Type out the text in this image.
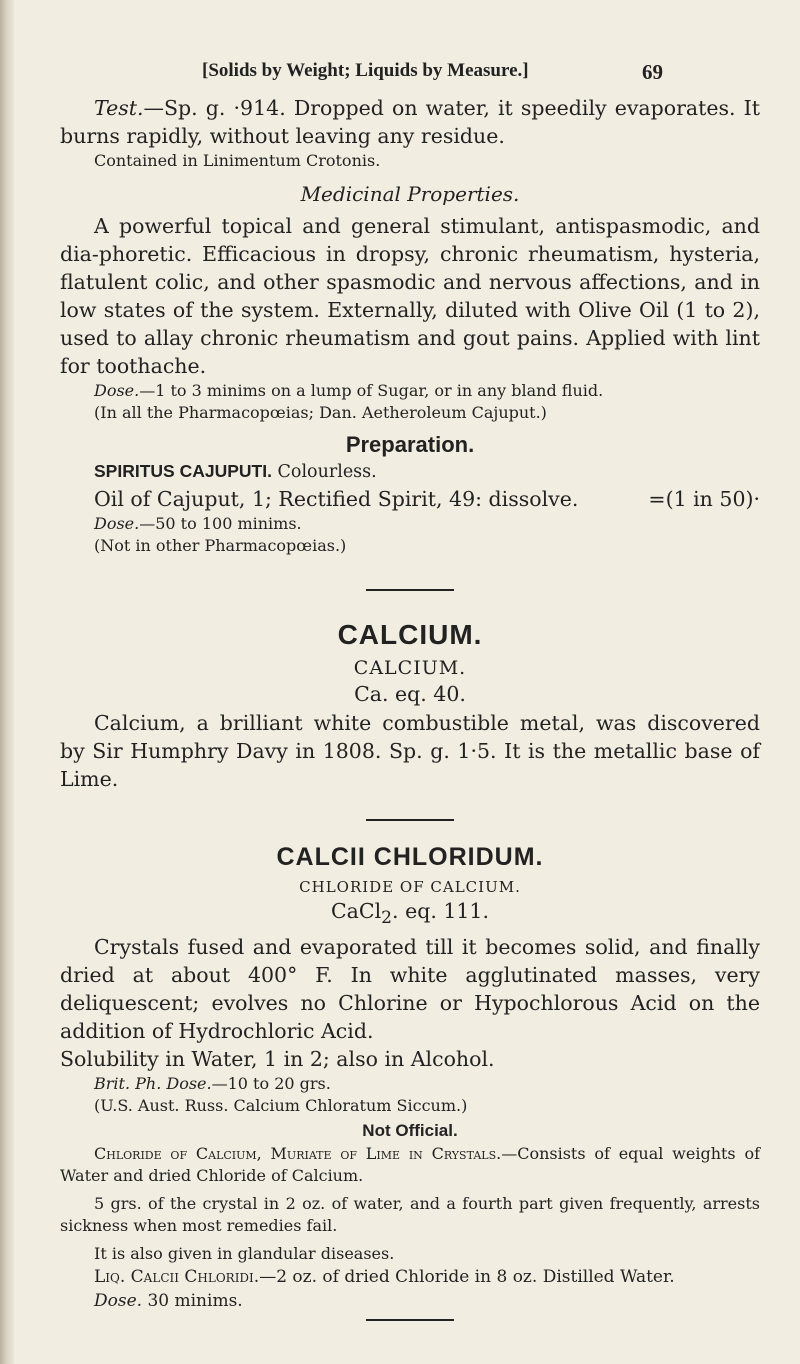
[Solids by Weight; Liquids by Measure.]	69

Test.—Sp. g. ·914. Dropped on water, it speedily evaporates. It burns rapidly, without leaving any residue.

Contained in Linimentum Crotonis.

Medicinal Properties.

A powerful topical and general stimulant, antispasmodic, and dia-phoretic. Efficacious in dropsy, chronic rheumatism, hysteria, flatulent colic, and other spasmodic and nervous affections, and in low states of the system. Externally, diluted with Olive Oil (1 to 2), used to allay chronic rheumatism and gout pains. Applied with lint for toothache.

Dose.—1 to 3 minims on a lump of Sugar, or in any bland fluid.

(In all the Pharmacopœias; Dan. Aetheroleum Cajuput.)

Preparation.

SPIRITUS CAJUPUTI. Colourless.

Oil of Cajuput, 1; Rectified Spirit, 49: dissolve.	=(1 in 50)·

Dose.—50 to 100 minims.

(Not in other Pharmacopœias.)

CALCIUM.

CALCIUM.

Ca. eq. 40.

Calcium, a brilliant white combustible metal, was discovered by Sir Humphry Davy in 1808. Sp. g. 1·5. It is the metallic base of Lime.

CALCII CHLORIDUM.

CHLORIDE OF CALCIUM.

CaCl$_2$. eq. 111.

Crystals fused and evaporated till it becomes solid, and finally dried at about 400° F. In white agglutinated masses, very deliquescent; evolves no Chlorine or Hypochlorous Acid on the addition of Hydrochloric Acid.

Solubility in Water, 1 in 2; also in Alcohol.

Brit. Ph. Dose.—10 to 20 grs.

(U.S. Aust. Russ. Calcium Chloratum Siccum.)

Not Official.

Chloride of Calcium, Muriate of Lime in Crystals.—Consists of equal weights of Water and dried Chloride of Calcium.

5 grs. of the crystal in 2 oz. of water, and a fourth part given frequently, arrests sickness when most remedies fail.

It is also given in glandular diseases.

Liq. Calcii Chloridi.—2 oz. of dried Chloride in 8 oz. Distilled Water.

Dose. 30 minims.
